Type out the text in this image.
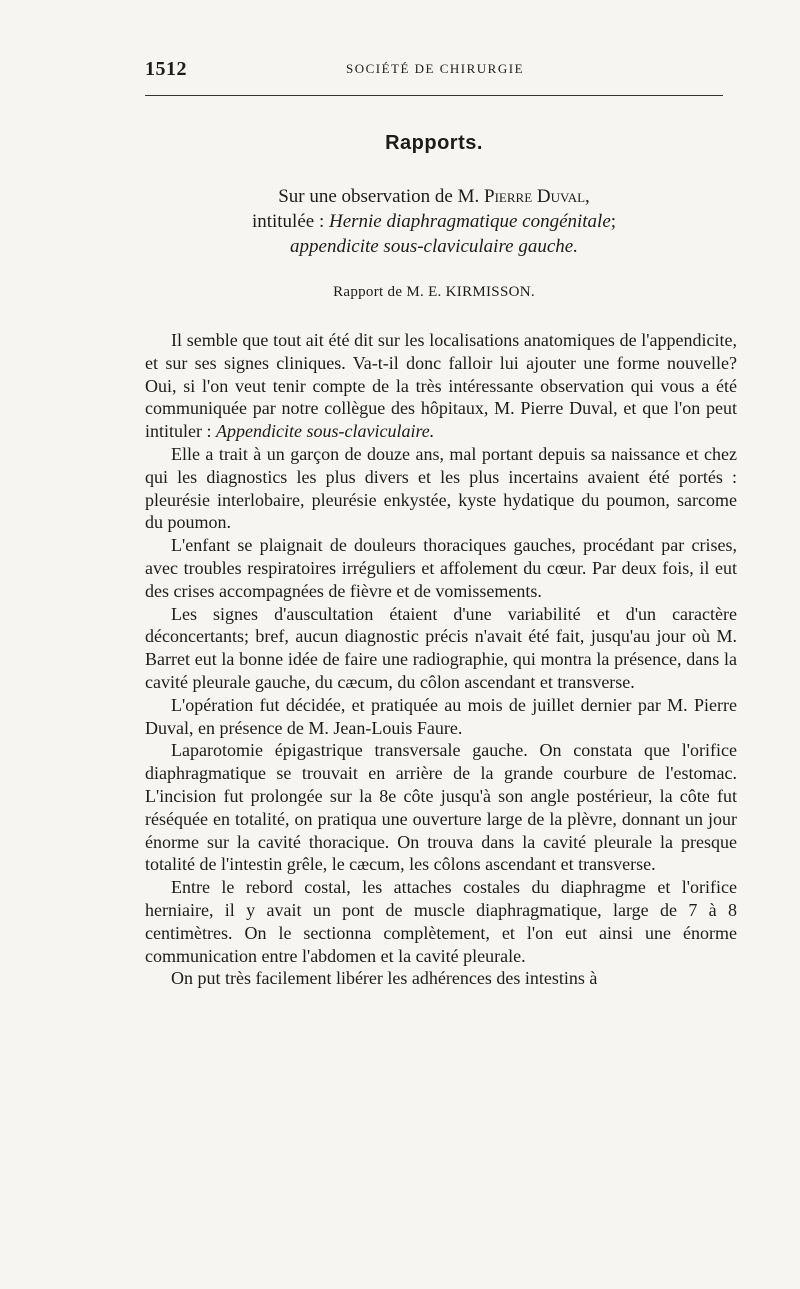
1512	SOCIÉTÉ DE CHIRURGIE
Rapports.
Sur une observation de M. Pierre Duval,
intitulée : Hernie diaphragmatique congénitale;
appendicite sous-claviculaire gauche.
Rapport de M. E. KIRMISSON.

Il semble que tout ait été dit sur les localisations anatomiques de l'appendicite, et sur ses signes cliniques. Va-t-il donc falloir lui ajouter une forme nouvelle? Oui, si l'on veut tenir compte de la très intéressante observation qui vous a été communiquée par notre collègue des hôpitaux, M. Pierre Duval, et que l'on peut intituler : Appendicite sous-claviculaire.

Elle a trait à un garçon de douze ans, mal portant depuis sa naissance et chez qui les diagnostics les plus divers et les plus incertains avaient été portés : pleurésie interlobaire, pleurésie enkystée, kyste hydatique du poumon, sarcome du poumon.

L'enfant se plaignait de douleurs thoraciques gauches, procédant par crises, avec troubles respiratoires irréguliers et affolement du cœur. Par deux fois, il eut des crises accompagnées de fièvre et de vomissements.

Les signes d'auscultation étaient d'une variabilité et d'un caractère déconcertants; bref, aucun diagnostic précis n'avait été fait, jusqu'au jour où M. Barret eut la bonne idée de faire une radiographie, qui montra la présence, dans la cavité pleurale gauche, du cæcum, du côlon ascendant et transverse.

L'opération fut décidée, et pratiquée au mois de juillet dernier par M. Pierre Duval, en présence de M. Jean-Louis Faure.

Laparotomie épigastrique transversale gauche. On constata que l'orifice diaphragmatique se trouvait en arrière de la grande courbure de l'estomac. L'incision fut prolongée sur la 8e côte jusqu'à son angle postérieur, la côte fut réséquée en totalité, on pratiqua une ouverture large de la plèvre, donnant un jour énorme sur la cavité thoracique. On trouva dans la cavité pleurale la presque totalité de l'intestin grêle, le cæcum, les côlons ascendant et transverse.

Entre le rebord costal, les attaches costales du diaphragme et l'orifice herniaire, il y avait un pont de muscle diaphragmatique, large de 7 à 8 centimètres. On le sectionna complètement, et l'on eut ainsi une énorme communication entre l'abdomen et la cavité pleurale.

On put très facilement libérer les adhérences des intestins à
